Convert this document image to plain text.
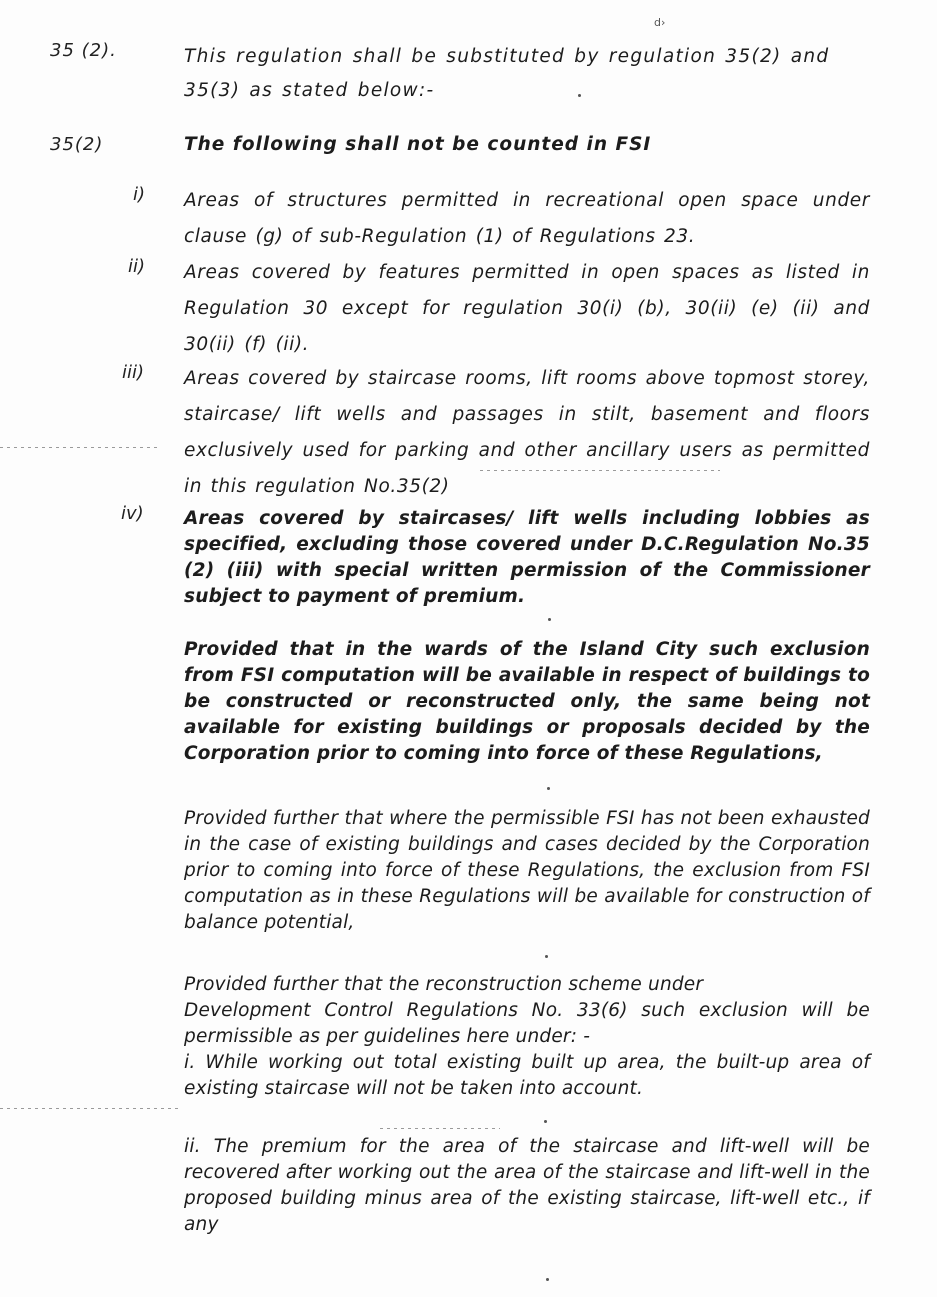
d›
35 (2).	This regulation shall be substituted by regulation 35(2) and
35(3) as stated below:-
35(2)	The following shall not be counted in FSI
i) Areas of structures permitted in recreational open space under clause (g) of sub-Regulation (1) of Regulations 23.
ii) Areas covered by features permitted in open spaces as listed in Regulation 30 except for regulation 30(i) (b), 30(ii) (e) (ii) and 30(ii) (f) (ii).
iii) Areas covered by staircase rooms, lift rooms above topmost storey, staircase/ lift wells and passages in stilt, basement and floors exclusively used for parking and other ancillary users as permitted in this regulation No.35(2)
iv) Areas covered by staircases/ lift wells including lobbies as specified, excluding those covered under D.C.Regulation No.35 (2) (iii) with special written permission of the Commissioner subject to payment of premium.
Provided that in the wards of the Island City such exclusion from FSI computation will be available in respect of buildings to be constructed or reconstructed only, the same being not available for existing buildings or proposals decided by the Corporation prior to coming into force of these Regulations,
Provided further that where the permissible FSI has not been exhausted in the case of existing buildings and cases decided by the Corporation prior to coming into force of these Regulations, the exclusion from FSI computation as in these Regulations will be available for construction of balance potential,
Provided further that the reconstruction scheme under
Development Control Regulations No. 33(6) such exclusion will be permissible as per guidelines here under: -
i. While working out total existing built up area, the built-up area of existing staircase will not be taken into account.
ii. The premium for the area of the staircase and lift-well will be recovered after working out the area of the staircase and lift-well in the proposed building minus area of the existing staircase, lift-well etc., if any
